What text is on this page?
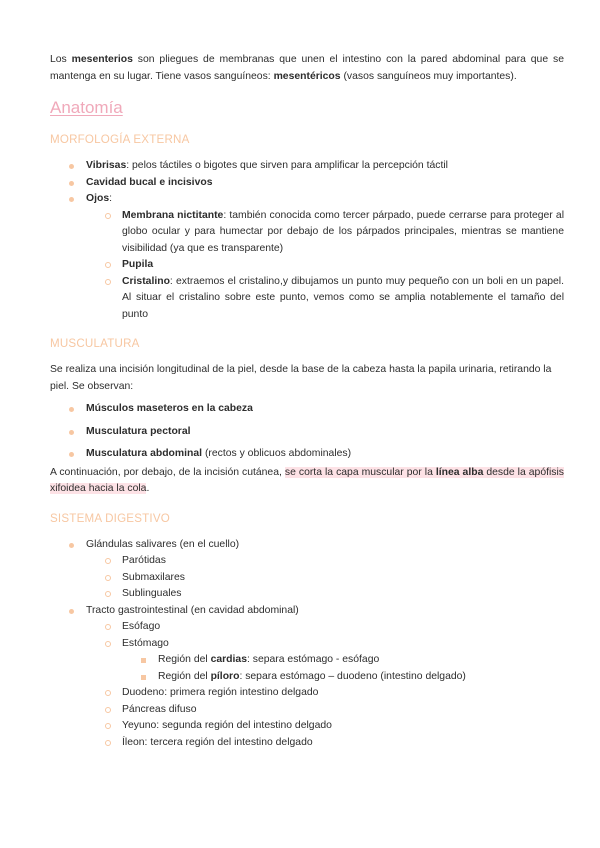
Los mesenterios son pliegues de membranas que unen el intestino con la pared abdominal para que se mantenga en su lugar. Tiene vasos sanguíneos: mesentéricos (vasos sanguíneos muy importantes).

Anatomía

MORFOLOGÍA EXTERNA

Vibrisas: pelos táctiles o bigotes que sirven para amplificar la percepción táctil
Cavidad bucal e incisivos
Ojos:
Membrana nictitante: también conocida como tercer párpado, puede cerrarse para proteger al globo ocular y para humectar por debajo de los párpados principales, mientras se mantiene visibilidad (ya que es transparente)
Pupila
Cristalino: extraemos el cristalino,y dibujamos un punto muy pequeño con un boli en un papel. Al situar el cristalino sobre este punto, vemos como se amplia notablemente el tamaño del punto

MUSCULATURA

Se realiza una incisión longitudinal de la piel, desde la base de la cabeza hasta la papila urinaria, retirando la piel. Se observan:

Músculos maseteros en la cabeza
Musculatura pectoral
Musculatura abdominal (rectos y oblicuos abdominales)

A continuación, por debajo, de la incisión cutánea, se corta la capa muscular por la línea alba desde la apófisis xifoidea hacia la cola.

SISTEMA DIGESTIVO

Glándulas salivares (en el cuello)
Parótidas
Submaxilares
Sublinguales
Tracto gastrointestinal (en cavidad abdominal)
Esófago
Estómago
Región del cardias: separa estómago - esófago
Región del píloro: separa estómago – duodeno (intestino delgado)
Duodeno: primera región intestino delgado
Páncreas difuso
Yeyuno: segunda región del intestino delgado
Íleon: tercera región del intestino delgado
